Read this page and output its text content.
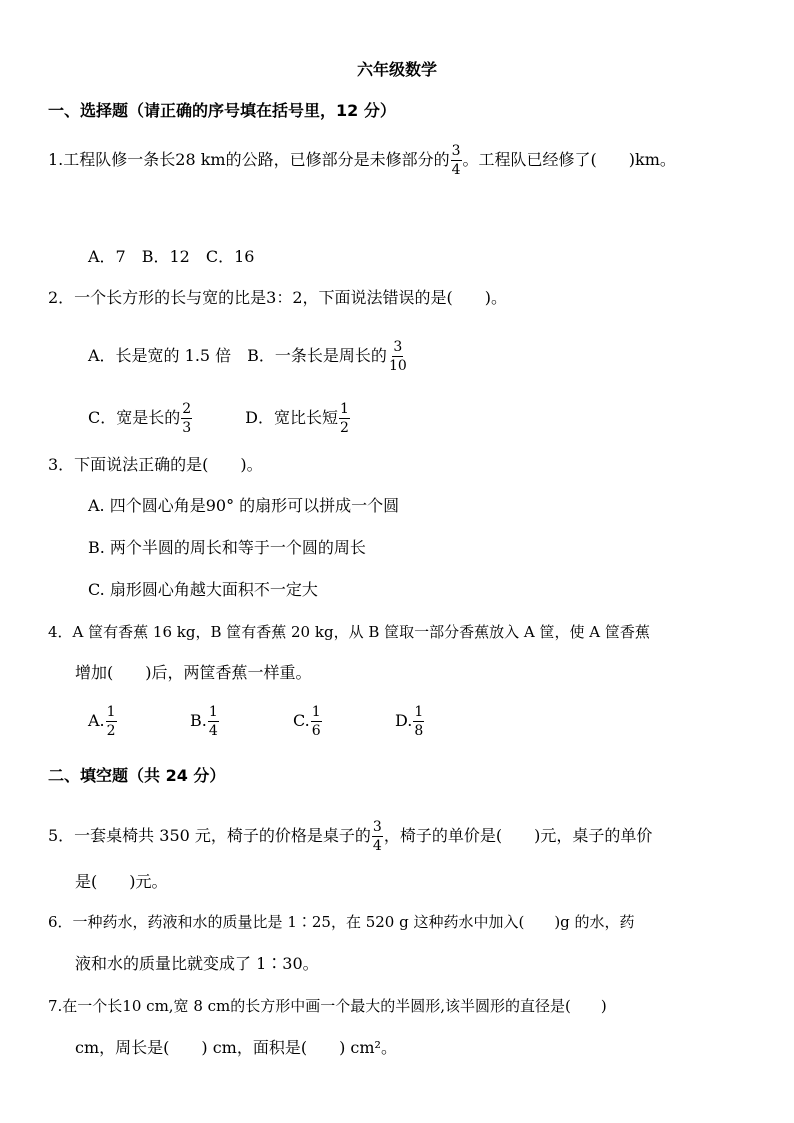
六年级数学
一、选择题（请正确的序号填在括号里，12 分）
1.工程队修一条长28 km的公路，已修部分是未修部分的 $\frac{3}{4}$ 。工程队已经修了(　　)km。
A．7　B．12　C．16
2．一个长方形的长与宽的比是3：2，下面说法错误的是(　　)。
A．长是宽的 1.5 倍　B．一条长是周长的 $\frac{3}{10}$
C．宽是长的 $\frac{2}{3}$	D．宽比长短 $\frac{1}{2}$
3．下面说法正确的是(　　)。
A. 四个圆心角是90° 的扇形可以拼成一个圆
B. 两个半圆的周长和等于一个圆的周长
C. 扇形圆心角越大面积不一定大
4．A 筐有香蕉 16 kg，B 筐有香蕉 20 kg，从 B 筐取一部分香蕉放入 A 筐，使 A 筐香蕉
增加(　　)后，两筐香蕉一样重。
A. $\frac{1}{2}$	B. $\frac{1}{4}$	C. $\frac{1}{6}$	D. $\frac{1}{8}$
二、填空题（共 24 分）
5．一套桌椅共 350 元，椅子的价格是桌子的 $\frac{3}{4}$ ，椅子的单价是(　　)元，桌子的单价
是(　　)元。
6．一种药水，药液和水的质量比是 1∶25，在 520 g 这种药水中加入(　　)g 的水，药
液和水的质量比就变成了 1∶30。
7.在一个长10 cm,宽 8 cm的长方形中画一个最大的半圆形,该半圆形的直径是(　　)
cm，周长是(　　) cm，面积是(　　) cm²。
